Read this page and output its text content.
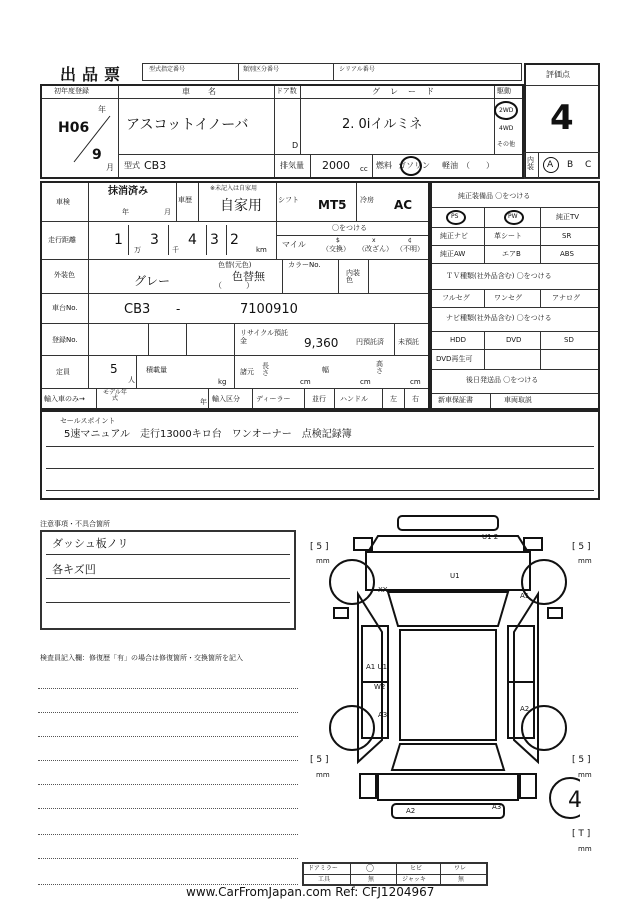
出品票	型式指定番号	類別区分番号	シリアル番号
評価点
4
初年度登録
H06
年
9
月
車名
アスコットイノーバ
型式 CB3
ドア数
D
グレード
2. 0iイルミネ
駆動
2WD
4WD
その他
排気量 2000 cc 燃料 ガソリン 軽油 （　　）
内装 A B C
車検
抹消済み
年	月
車歴
※未記入は自家用
自家用 シフト MT5 冷房 AC
走行距離	1
万
3
千
4 3 2
km
〇をつける
マイル	$
（交換）
x
（改ざん）
¢
（不明）
外装色	グレー
色替(元色)
色替無
（　　　）
カラーNo.
内装色
車台No.	CB3 -	7100910
登録No.
リサイクル預託金	9,360	円預託済 未預託
定員	5
人
積載量
kg
諸元
長さ
cm
幅
cm
高さ
cm
輸入車のみ→
モデル年式	年 輸入区分 ディーラー	並行 ハンドル	左 右
純正装備品 〇をつける
PS	PW	純正TV
純正ナビ	革シート	SR
純正AW	エアB	ABS
ＴＶ種類(社外品含む) 〇をつける
フルセグ	ワンセグ	アナログ
ナビ種類(社外品含む) 〇をつける
HDD	DVD	SD
DVD再生可
後日発送品 〇をつける
新車保証書	車両取説
セールスポイント
5速マニュアル　走行13000キロ台　ワンオーナー　点検記録簿
注意事項・不具合箇所
ダッシュ板ノリ
各キズ凹
検査員記入欄：修復歴「有」の場合は修復箇所・交換箇所を記入
U1 2
U1
XX
A1
A1 U1
W2
A3
A2
A2	A3
[ 5 ]
mm
[ 5 ]
mm
[ 5 ]
mm
[ 5 ]
mm
[ T ]
mm
4
ドアミラー	〇	ヒビ	ワレ
工具	無	ジャッキ	無
www.CarFromJapan.com Ref: CFJ1204967
